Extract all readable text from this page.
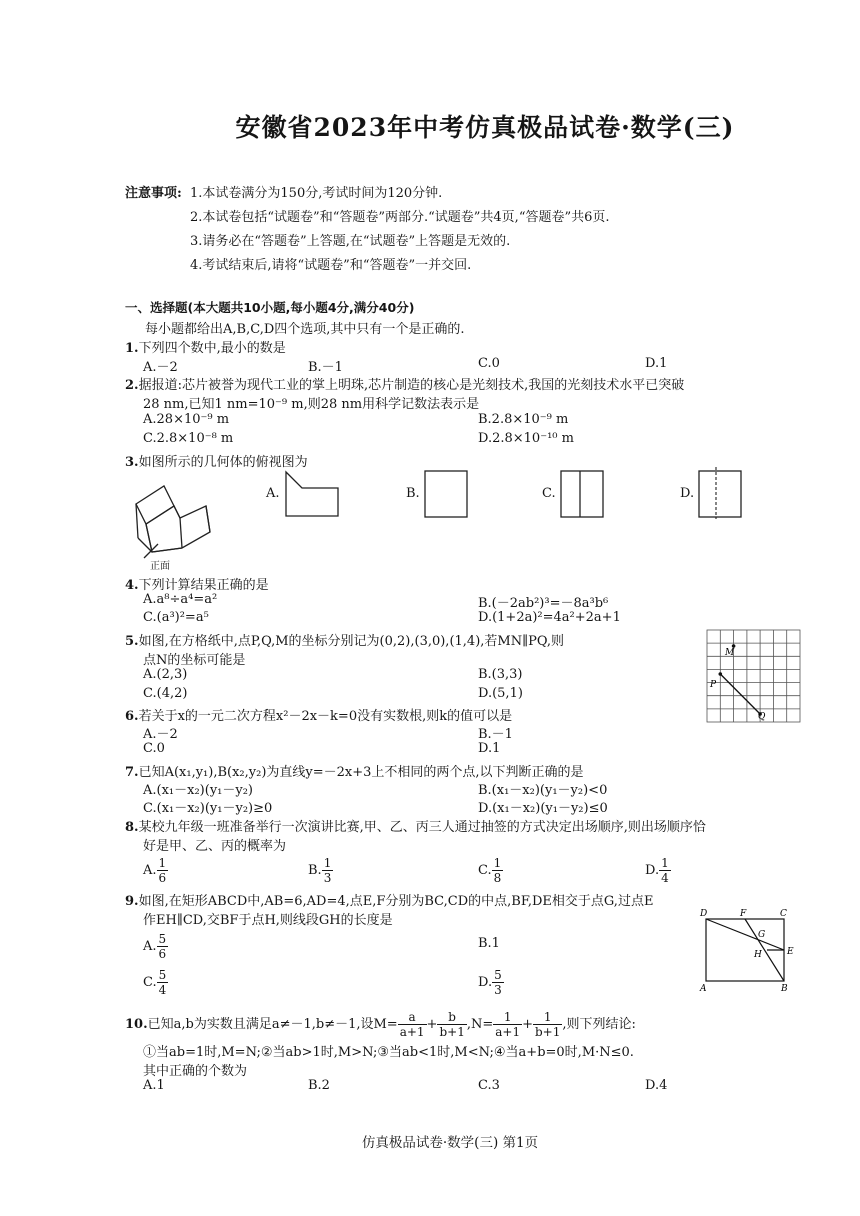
安徽省2023年中考仿真极品试卷·数学(三)
注意事项: 1.本试卷满分为150分,考试时间为120分钟.
2.本试卷包括“试题卷”和“答题卷”两部分.“试题卷”共4页,“答题卷”共6页.
3.请务必在“答题卷”上答题,在“试题卷”上答题是无效的.
4.考试结束后,请将“试题卷”和“答题卷”一并交回.
一、选择题(本大题共10小题,每小题4分,满分40分)
每小题都给出A,B,C,D四个选项,其中只有一个是正确的.
1.下列四个数中,最小的数是
A.－2	B.－1	C.0	D.1
2.据报道:芯片被誉为现代工业的掌上明珠,芯片制造的核心是光刻技术,我国的光刻技术水平已突破
28 nm,已知1 nm=10⁻⁹ m,则28 nm用科学记数法表示是
A.28×10⁻⁹ m	B.2.8×10⁻⁹ m
C.2.8×10⁻⁸ m	D.2.8×10⁻¹⁰ m
3.如图所示的几何体的俯视图为
正面
A.	B.	C.	D.
4.下列计算结果正确的是
A.a⁸÷a⁴=a²	B.(－2ab²)³=－8a³b⁶
C.(a³)²=a⁵	D.(1+2a)²=4a²+2a+1
5.如图,在方格纸中,点P,Q,M的坐标分别记为(0,2),(3,0),(1,4),若MN∥PQ,则
点N的坐标可能是
A.(2,3)	B.(3,3)
C.(4,2)	D.(5,1)
M
P
Q
6.若关于x的一元二次方程x²－2x－k=0没有实数根,则k的值可以是
A.－2	B.－1
C.0	D.1
7.已知A(x₁,y₁),B(x₂,y₂)为直线y=－2x+3上不相同的两个点,以下判断正确的是
A.(x₁－x₂)(y₁－y₂)	B.(x₁－x₂)(y₁－y₂)<0
C.(x₁－x₂)(y₁－y₂)≥0	D.(x₁－x₂)(y₁－y₂)≤0
8.某校九年级一班准备举行一次演讲比赛,甲、乙、丙三人通过抽签的方式决定出场顺序,则出场顺序恰
好是甲、乙、丙的概率为
A. $\frac{1}{6}$	B. $\frac{1}{3}$	C. $\frac{1}{8}$	D. $\frac{1}{4}$
9.如图,在矩形ABCD中,AB=6,AD=4,点E,F分别为BC,CD的中点,BF,DE相交于点G,过点E
作EH∥CD,交BF于点H,则线段GH的长度是
A. $\frac{5}{6}$	B.1
C. $\frac{5}{4}$	D. $\frac{5}{3}$
D	F	C
G
E
H
A	B
10.已知a,b为实数且满足a≠－1,b≠－1,设$M= \frac{a}{a+1} + \frac{b}{b+1} ,N= \frac{1}{a+1} + \frac{1}{b+1}$ ,则下列结论:
①当ab=1时,M=N;②当ab>1时,M>N;③当ab<1时,M<N;④当a+b=0时,M·N≤0.
其中正确的个数为
A.1	B.2	C.3	D.4
仿真极品试卷·数学(三) 第1页
